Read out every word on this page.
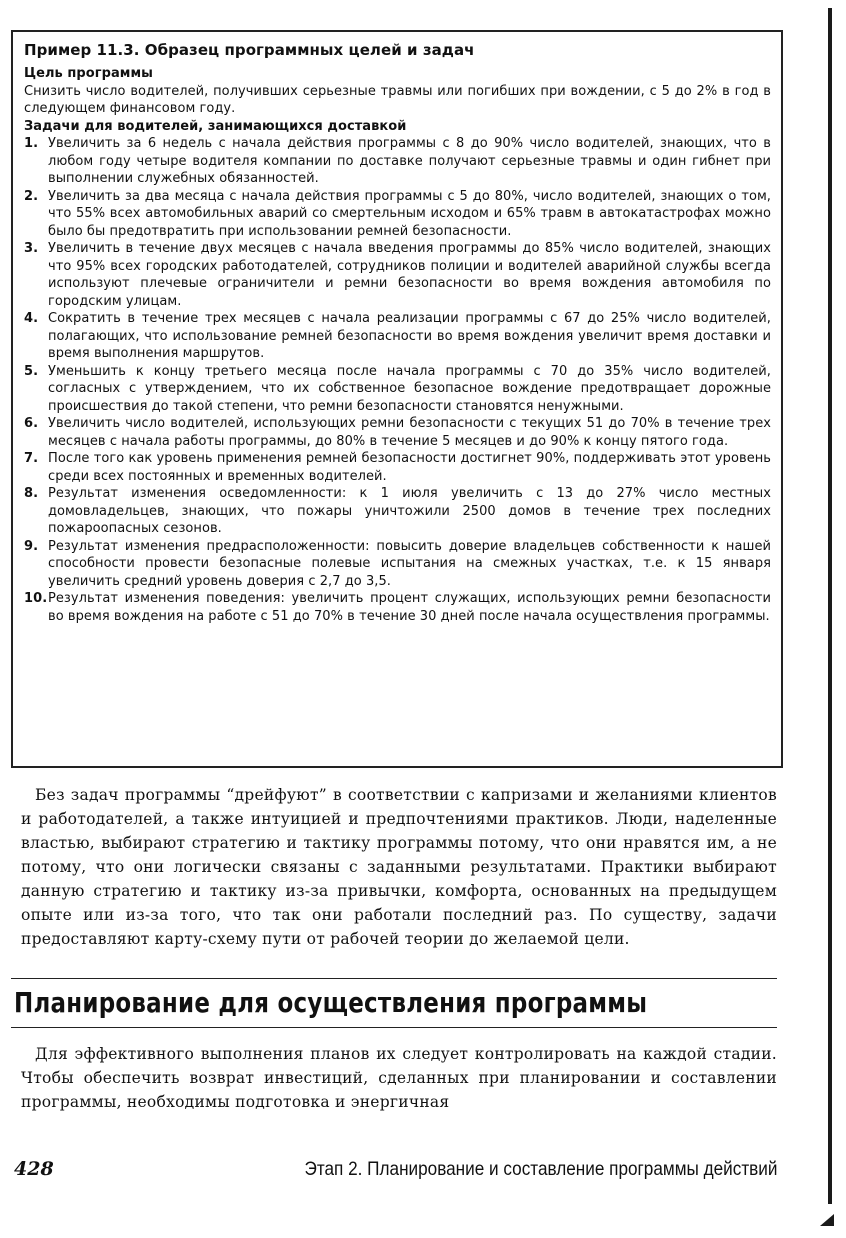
Пример 11.3. Образец программных целей и задач

Цель программы

Снизить число водителей, получивших серьезные травмы или погибших при вождении, с 5 до 2% в год в следующем финансовом году.

Задачи для водителей, занимающихся доставкой

1. Увеличить за 6 недель с начала действия программы с 8 до 90% число водителей, знающих, что в любом году четыре водителя компании по доставке получают серьезные травмы и один гибнет при выполнении служебных обязанностей.
2. Увеличить за два месяца с начала действия программы с 5 до 80%, число водителей, знающих о том, что 55% всех автомобильных аварий со смертельным исходом и 65% травм в автокатастрофах можно было бы предотвратить при использовании ремней безопасности.
3. Увеличить в течение двух месяцев с начала введения программы до 85% число водителей, знающих что 95% всех городских работодателей, сотрудников полиции и водителей аварийной службы всегда используют плечевые ограничители и ремни безопасности во время вождения автомобиля по городским улицам.
4. Сократить в течение трех месяцев с начала реализации программы с 67 до 25% число водителей, полагающих, что использование ремней безопасности во время вождения увеличит время доставки и время выполнения маршрутов.
5. Уменьшить к концу третьего месяца после начала программы с 70 до 35% число водителей, согласных с утверждением, что их собственное безопасное вождение предотвращает дорожные происшествия до такой степени, что ремни безопасности становятся ненужными.
6. Увеличить число водителей, использующих ремни безопасности с текущих 51 до 70% в течение трех месяцев с начала работы программы, до 80% в течение 5 месяцев и до 90% к концу пятого года.
7. После того как уровень применения ремней безопасности достигнет 90%, поддерживать этот уровень среди всех постоянных и временных водителей.
8. Результат изменения осведомленности: к 1 июля увеличить с 13 до 27% число местных домовладельцев, знающих, что пожары уничтожили 2500 домов в течение трех последних пожароопасных сезонов.
9. Результат изменения предрасположенности: повысить доверие владельцев собственности к нашей способности провести безопасные полевые испытания на смежных участках, т.е. к 15 января увеличить средний уровень доверия с 2,7 до 3,5.
10. Результат изменения поведения: увеличить процент служащих, использующих ремни безопасности во время вождения на работе с 51 до 70% в течение 30 дней после начала осуществления программы.

Без задач программы “дрейфуют” в соответствии с капризами и желаниями клиентов и работодателей, а также интуицией и предпочтениями практиков. Люди, наделенные властью, выбирают стратегию и тактику программы потому, что они нравятся им, а не потому, что они логически связаны с заданными результатами. Практики выбирают данную стратегию и тактику из-за привычки, комфорта, основанных на предыдущем опыте или из-за того, что так они работали последний раз. По существу, задачи предоставляют карту-схему пути от рабочей теории до желаемой цели.

Планирование для осуществления программы

Для эффективного выполнения планов их следует контролировать на каждой стадии. Чтобы обеспечить возврат инвестиций, сделанных при планировании и составлении программы, необходимы подготовка и энергичная

428	Этап 2. Планирование и составление программы действий
